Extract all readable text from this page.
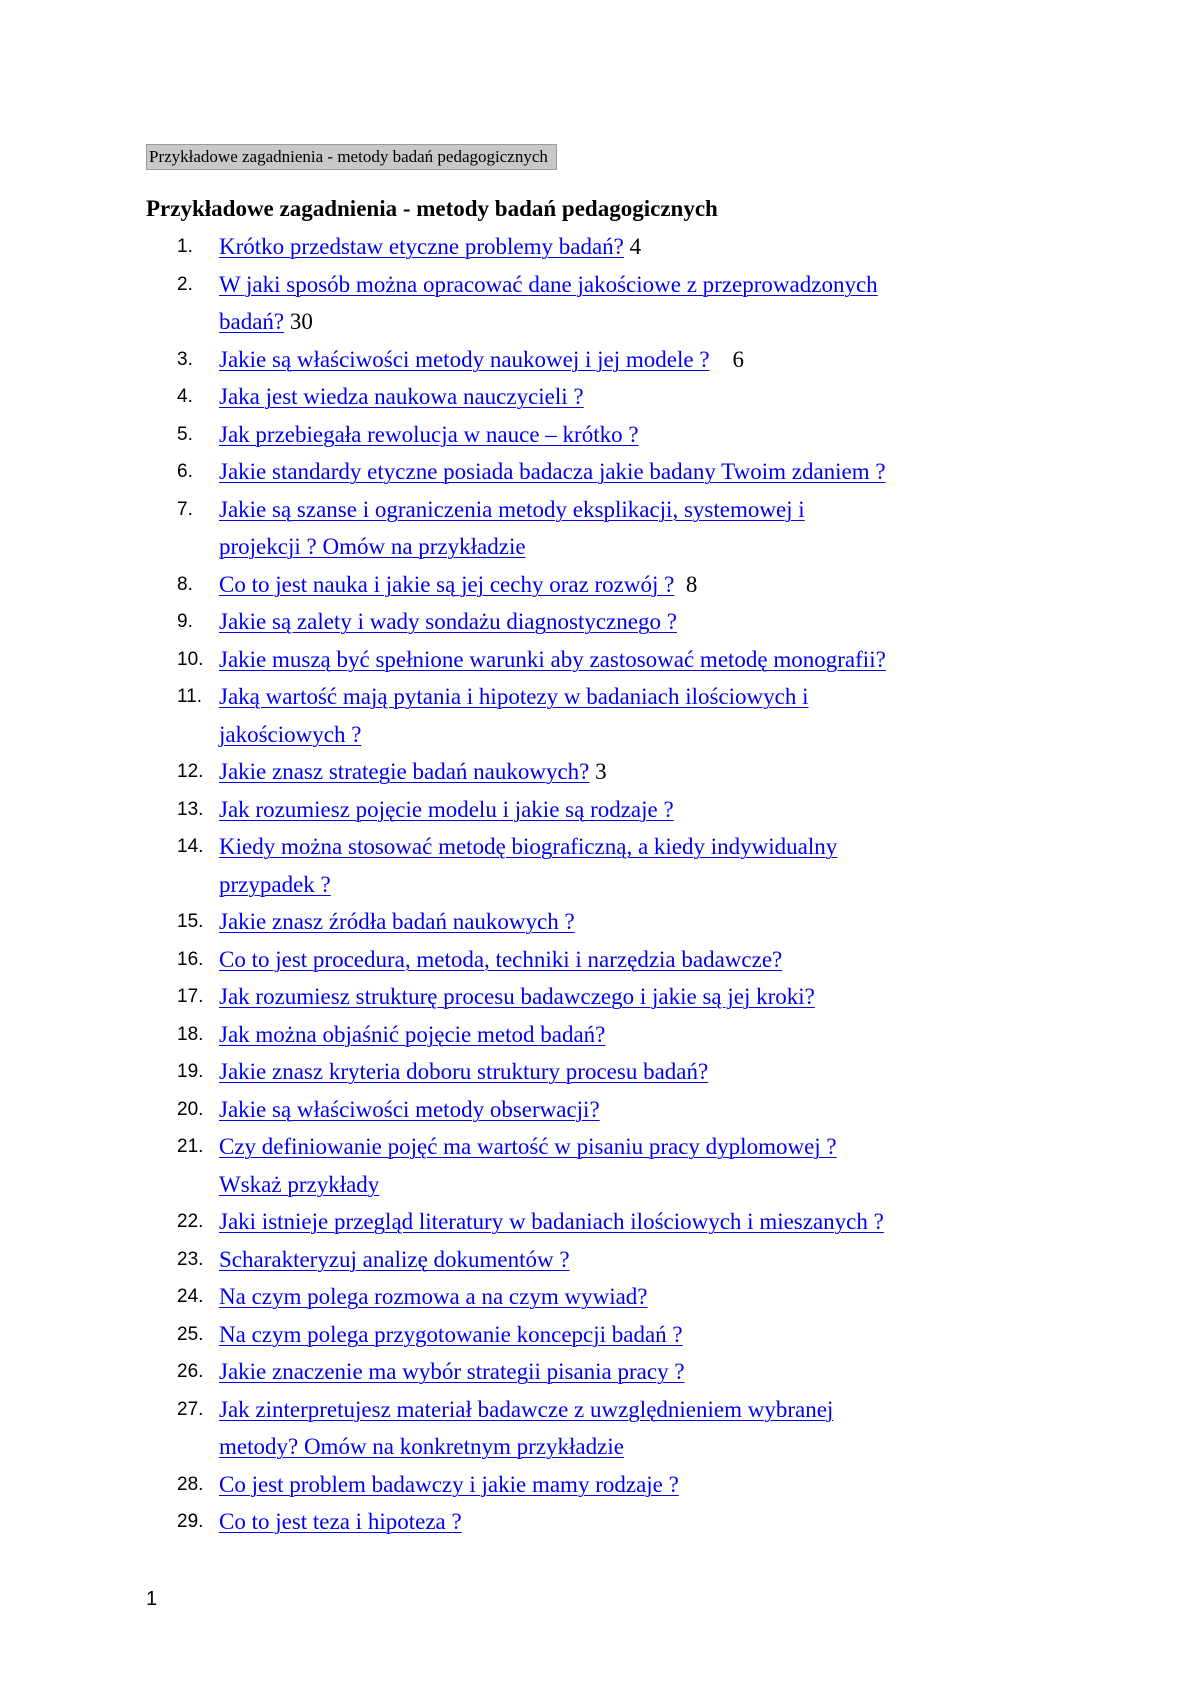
Przykładowe zagadnienia - metody badań pedagogicznych
Przykładowe zagadnienia - metody badań pedagogicznych
1.	Krótko przedstaw etyczne problemy badań? 4
2.	W jaki sposób można opracować dane jakościowe z przeprowadzonych
badań? 30
3.	Jakie są właściwości metody naukowej i jej modele ?    6
4.	Jaka jest wiedza naukowa nauczycieli ?
5.	Jak przebiegała rewolucja w nauce – krótko ?
6.	Jakie standardy etyczne posiada badacza jakie badany Twoim zdaniem ?
7.	Jakie są szanse i ograniczenia metody eksplikacji, systemowej i
projekcji ? Omów na przykładzie
8.	Co to jest nauka i jakie są jej cechy oraz rozwój ?  8
9.	Jakie są zalety i wady sondażu diagnostycznego ?
10. Jakie muszą być spełnione warunki aby zastosować metodę monografii?
11. Jaką wartość mają pytania i hipotezy w badaniach ilościowych i
jakościowych ?
12. Jakie znasz strategie badań naukowych? 3
13. Jak rozumiesz pojęcie modelu i jakie są rodzaje ?
14. Kiedy można stosować metodę biograficzną, a kiedy indywidualny
przypadek ?
15. Jakie znasz źródła badań naukowych ?
16. Co to jest procedura, metoda, techniki i narzędzia badawcze?
17. Jak rozumiesz strukturę procesu badawczego i jakie są jej kroki?
18. Jak można objaśnić pojęcie metod badań?
19. Jakie znasz kryteria doboru struktury procesu badań?
20. Jakie są właściwości metody obserwacji?
21. Czy definiowanie pojęć ma wartość w pisaniu pracy dyplomowej ?
Wskaż przykłady
22. Jaki istnieje przegląd literatury w badaniach ilościowych i mieszanych ?
23. Scharakteryzuj analizę dokumentów ?
24. Na czym polega rozmowa a na czym wywiad?
25. Na czym polega przygotowanie koncepcji badań ?
26. Jakie znaczenie ma wybór strategii pisania pracy ?
27. Jak zinterpretujesz materiał badawcze z uwzględnieniem wybranej
metody? Omów na konkretnym przykładzie
28. Co jest problem badawczy i jakie mamy rodzaje ?
29. Co to jest teza i hipoteza ?
1
